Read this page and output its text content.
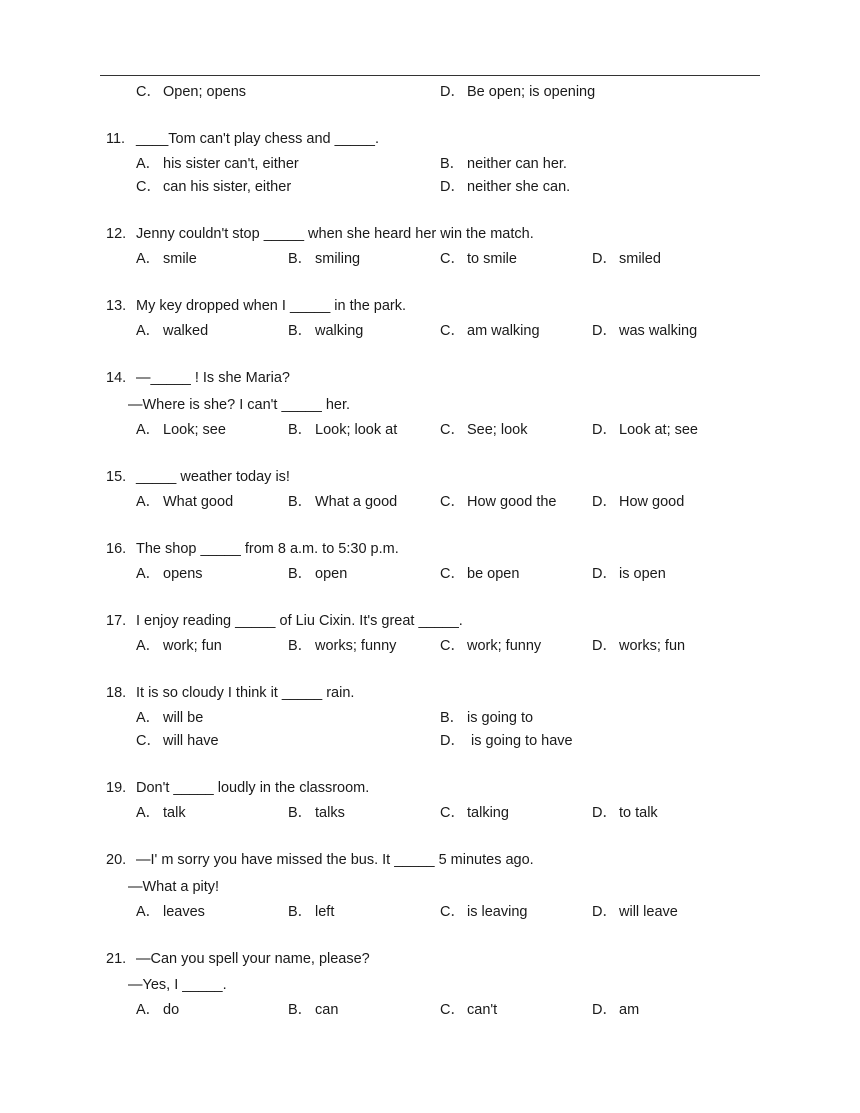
C． Open; opens	D． Be open; is opening
11. ____Tom can't play chess and _____.
A． his sister can't, either	B． neither can her.
C． can his sister, either	D． neither she can.
12. Jenny couldn't stop _____ when she heard her win the match.
A． smile	B． smiling	C． to smile	D． smiled
13. My key dropped when I _____ in the park.
A． walked	B． walking	C． am walking	D． was walking
14. —_____ ! Is she Maria?
—Where is she? I can't _____ her.
A． Look; see	B． Look; look at	C． See; look	D． Look at; see
15. _____ weather today is!
A． What good	B． What a good	C． How good the D． How good
16. The shop _____ from 8 a.m. to 5:30 p.m.
A． opens	B． open	C． be open	D． is open
17. I enjoy reading _____ of Liu Cixin. It's great _____.
A． work; fun	B． works; funny	C． work; funny	D． works; fun
18. It is so cloudy I think it _____ rain.
A． will be	B． is going to
C． will have	D． is going to have
19. Don't _____ loudly in the classroom.
A． talk	B． talks	C． talking	D． to talk
20. —I' m sorry you have missed the bus. It _____ 5 minutes ago.
—What a pity!
A． leaves	B． left	C． is leaving	D． will leave
21. —Can you spell your name, please?
—Yes, I _____.
A． do	B． can	C． can't	D． am
